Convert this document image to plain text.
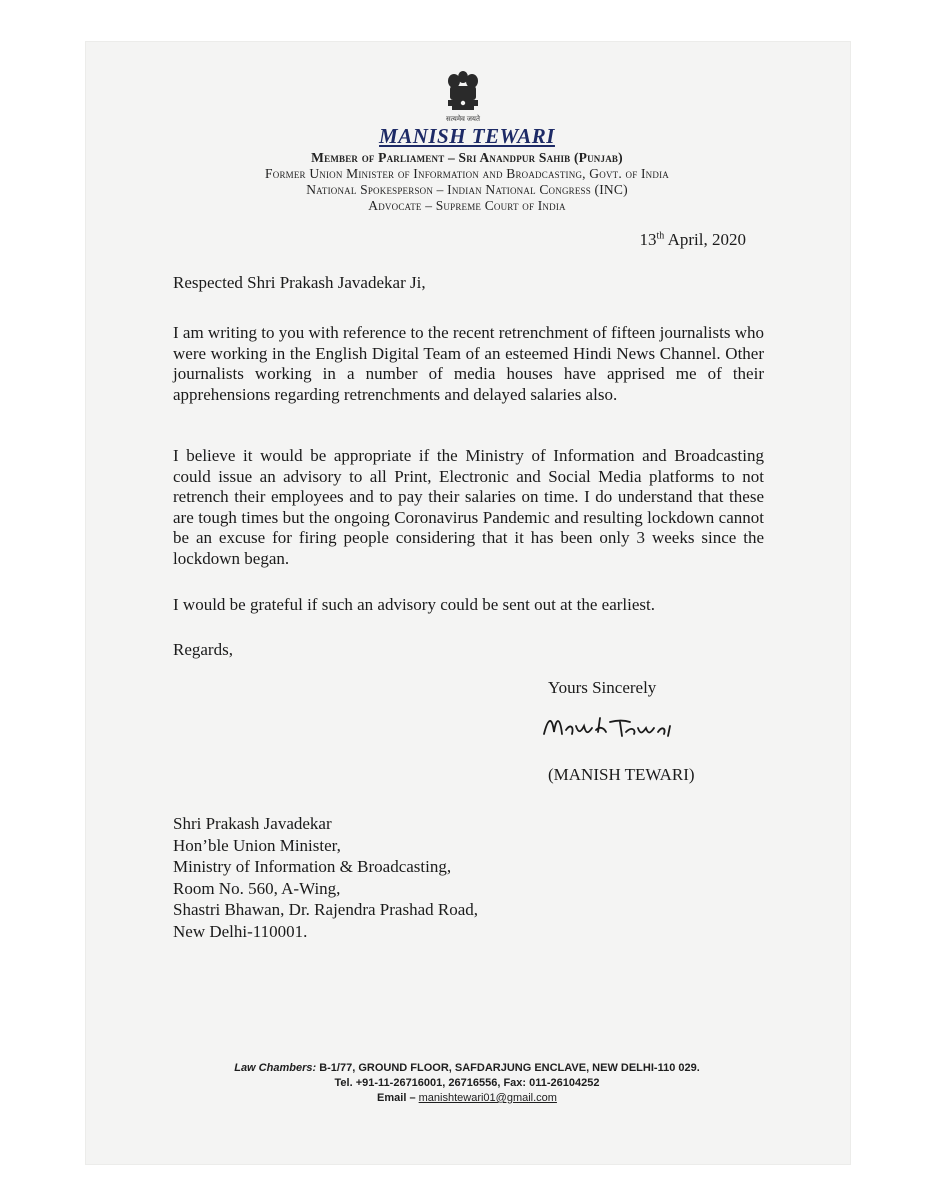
सत्यमेव जयते
MANISH TEWARI
Member of Parliament – Sri Anandpur Sahib (Punjab)
Former Union Minister of Information and Broadcasting, Govt. of India
National Spokesperson – Indian National Congress (INC)
Advocate – Supreme Court of India
13th April, 2020
Respected Shri Prakash Javadekar Ji,

I am writing to you with reference to the recent retrenchment of fifteen journalists who were working in the English Digital Team of an esteemed Hindi News Channel. Other journalists working in a number of media houses have apprised me of their apprehensions regarding retrenchments and delayed salaries also.

I believe it would be appropriate if the Ministry of Information and Broadcasting could issue an advisory to all Print, Electronic and Social Media platforms to not retrench their employees and to pay their salaries on time. I do understand that these are tough times but the ongoing Coronavirus Pandemic and resulting lockdown cannot be an excuse for firing people considering that it has been only 3 weeks since the lockdown began.

I would be grateful if such an advisory could be sent out at the earliest.

Regards,
Yours Sincerely
(MANISH TEWARI)
Shri Prakash Javadekar
Hon’ble Union Minister,
Ministry of Information & Broadcasting,
Room No. 560, A-Wing,
Shastri Bhawan, Dr. Rajendra Prashad Road,
New Delhi-110001.
Law Chambers: B-1/77, GROUND FLOOR, SAFDARJUNG ENCLAVE, NEW DELHI-110 029.
Tel. +91-11-26716001, 26716556, Fax: 011-26104252
Email – manishtewari01@gmail.com
